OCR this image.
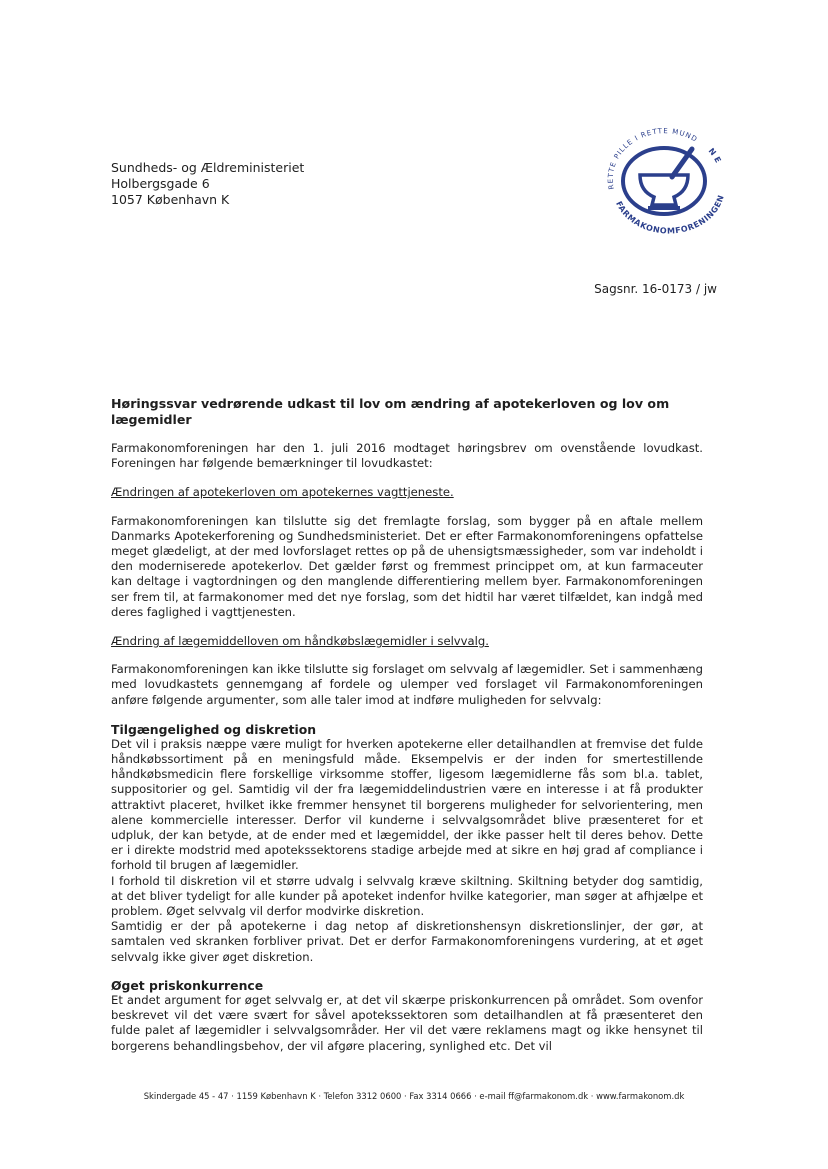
Sundheds- og Ældreministeriet
Holbergsgade 6
1057 København K
RETTE PILLE I RETTE MUND
N E
FARMAKONOMFORENINGEN
Sagsnr. 16-0173 / jw
Høringssvar vedrørende udkast til lov om ændring af apotekerloven og lov om lægemidler
Farmakonomforeningen har den 1. juli 2016 modtaget høringsbrev om ovenstående lovudkast. Foreningen har følgende bemærkninger til lovudkastet:
Ændringen af apotekerloven om apotekernes vagttjeneste.
Farmakonomforeningen kan tilslutte sig det fremlagte forslag, som bygger på en aftale mellem Danmarks Apotekerforening og Sundhedsministeriet. Det er efter Farmakonomforeningens opfattelse meget glædeligt, at der med lovforslaget rettes op på de uhensigtsmæssigheder, som var indeholdt i den moderniserede apotekerlov. Det gælder først og fremmest princippet om, at kun farmaceuter kan deltage i vagtordningen og den manglende differentiering mellem byer. Farmakonomforeningen ser frem til, at farmakonomer med det nye forslag, som det hidtil har været tilfældet, kan indgå med deres faglighed i vagttjenesten.
Ændring af lægemiddelloven om håndkøbslægemidler i selvvalg.
Farmakonomforeningen kan ikke tilslutte sig forslaget om selvvalg af lægemidler. Set i sammenhæng med lovudkastets gennemgang af fordele og ulemper ved forslaget vil Farmakonomforeningen anføre følgende argumenter, som alle taler imod at indføre muligheden for selvvalg:
Tilgængelighed og diskretion
Det vil i praksis næppe være muligt for hverken apotekerne eller detailhandlen at fremvise det fulde håndkøbssortiment på en meningsfuld måde. Eksempelvis er der inden for smertestillende håndkøbsmedicin flere forskellige virksomme stoffer, ligesom lægemidlerne fås som bl.a. tablet, suppositorier og gel. Samtidig vil der fra lægemiddelindustrien være en interesse i at få produkter attraktivt placeret, hvilket ikke fremmer hensynet til borgerens muligheder for selvorientering, men alene kommercielle interesser. Derfor vil kunderne i selvvalgsområdet blive præsenteret for et udpluk, der kan betyde, at de ender med et lægemiddel, der ikke passer helt til deres behov. Dette er i direkte modstrid med apotekssektorens stadige arbejde med at sikre en høj grad af compliance i forhold til brugen af lægemidler.
I forhold til diskretion vil et større udvalg i selvvalg kræve skiltning. Skiltning betyder dog samtidig, at det bliver tydeligt for alle kunder på apoteket indenfor hvilke kategorier, man søger at afhjælpe et problem. Øget selvvalg vil derfor modvirke diskretion.
Samtidig er der på apotekerne i dag netop af diskretionshensyn diskretionslinjer, der gør, at samtalen ved skranken forbliver privat. Det er derfor Farmakonomforeningens vurdering, at et øget selvvalg ikke giver øget diskretion.
Øget priskonkurrence
Et andet argument for øget selvvalg er, at det vil skærpe priskonkurrencen på området. Som ovenfor beskrevet vil det være svært for såvel apotekssektoren som detailhandlen at få præsenteret den fulde palet af lægemidler i selvvalgsområder. Her vil det være reklamens magt og ikke hensynet til borgerens behandlingsbehov, der vil afgøre placering, synlighed etc. Det vil
Skindergade 45 - 47 · 1159 København K · Telefon 3312 0600 · Fax 3314 0666 · e-mail ff@farmakonom.dk · www.farmakonom.dk
